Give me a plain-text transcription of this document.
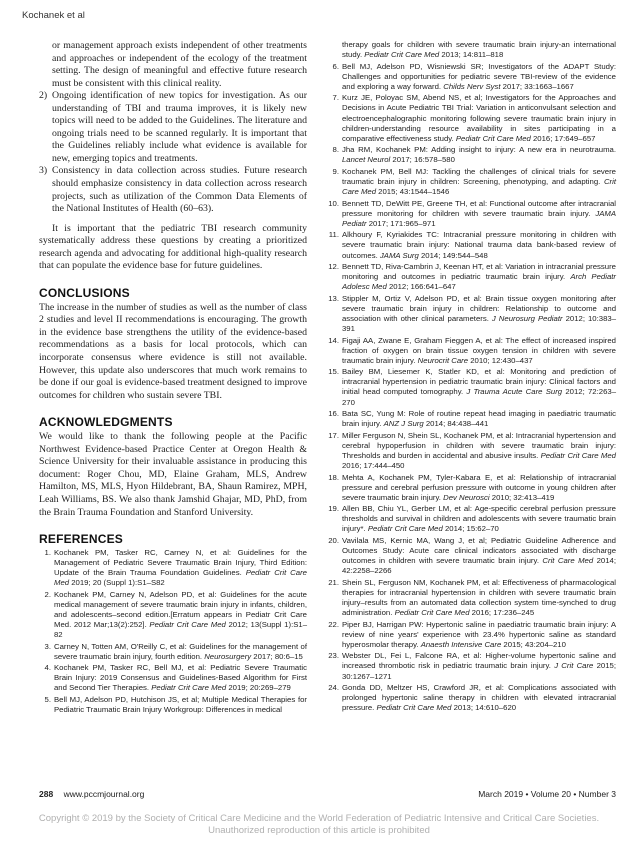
Kochanek et al

or management approach exists independent of other treatments and approaches or independent of the ecology of the treatment setting. The design of meaningful and effective future research must be consistent with this clinical reality.

2) Ongoing identification of new topics for investigation. As our understanding of TBI and trauma improves, it is likely new topics will need to be added to the Guidelines. The literature and ongoing trials need to be scanned regularly. It is important that the Guidelines reliably include what evidence is available for new, emerging topics and treatments.
3) Consistency in data collection across studies. Future research should emphasize consistency in data collection across research projects, such as utilization of the Common Data Elements of the National Institutes of Health (60–63).

It is important that the pediatric TBI research community systematically address these questions by creating a prioritized research agenda and advocating for additional high-quality research that can populate the evidence base for future guidelines.

CONCLUSIONS

The increase in the number of studies as well as the number of class 2 studies and level II recommendations is encouraging. The growth in the evidence base strengthens the utility of the evidence-based recommendations as a basis for local protocols, which can incorporate consensus where evidence is still not available. However, this update also underscores that much work remains to be done if our goal is evidence-based treatment designed to improve outcomes for children who sustain severe TBI.

ACKNOWLEDGMENTS

We would like to thank the following people at the Pacific Northwest Evidence-based Practice Center at Oregon Health & Science University for their invaluable assistance in producing this document: Roger Chou, MD, Elaine Graham, MLS, Andrew Hamilton, MS, MLS, Hyon Hildebrant, BA, Shaun Ramirez, MPH, Leah Williams, BS. We also thank Jamshid Ghajar, MD, PhD, from the Brain Trauma Foundation and Stanford University.

REFERENCES
1. Kochanek PM, Tasker RC, Carney N, et al: Guidelines for the Management of Pediatric Severe Traumatic Brain Injury, Third Edition: Update of the Brain Trauma Foundation Guidelines. Pediatr Crit Care Med 2019; 20 (Suppl 1):S1–S82
2. Kochanek PM, Carney N, Adelson PD, et al: Guidelines for the acute medical management of severe traumatic brain injury in infants, children, and adolescents–second edition.[Erratum appears in Pediatr Crit Care Med. 2012 Mar;13(2):252]. Pediatr Crit Care Med 2012; 13(Suppl 1):S1–82
3. Carney N, Totten AM, O'Reilly C, et al: Guidelines for the management of severe traumatic brain injury, fourth edition. Neurosurgery 2017; 80:6–15
4. Kochanek PM, Tasker RC, Bell MJ, et al: Pediatric Severe Traumatic Brain Injury: 2019 Consensus and Guidelines-Based Algorithm for First and Second Tier Therapies. Pediatr Crit Care Med 2019; 20:269–279
5. Bell MJ, Adelson PD, Hutchison JS, et al; Multiple Medical Therapies for Pediatric Traumatic Brain Injury Workgroup: Differences in medical
therapy goals for children with severe traumatic brain injury-an international study. Pediatr Crit Care Med 2013; 14:811–818
6. Bell MJ, Adelson PD, Wisniewski SR; Investigators of the ADAPT Study: Challenges and opportunities for pediatric severe TBI-review of the evidence and exploring a way forward. Childs Nerv Syst 2017; 33:1663–1667
7. Kurz JE, Poloyac SM, Abend NS, et al; Investigators for the Approaches and Decisions in Acute Pediatric TBI Trial: Variation in anticonvulsant selection and electroencephalographic monitoring following severe traumatic brain injury in children-understanding resource availability in sites participating in a comparative effectiveness study. Pediatr Crit Care Med 2016; 17:649–657
8. Jha RM, Kochanek PM: Adding insight to injury: A new era in neurotrauma. Lancet Neurol 2017; 16:578–580
9. Kochanek PM, Bell MJ: Tackling the challenges of clinical trials for severe traumatic brain injury in children: Screening, phenotyping, and adapting. Crit Care Med 2015; 43:1544–1546
10. Bennett TD, DeWitt PE, Greene TH, et al: Functional outcome after intracranial pressure monitoring for children with severe traumatic brain injury. JAMA Pediatr 2017; 171:965–971
11. Alkhoury F, Kyriakides TC: Intracranial pressure monitoring in children with severe traumatic brain injury: National trauma data bank-based review of outcomes. JAMA Surg 2014; 149:544–548
12. Bennett TD, Riva-Cambrin J, Keenan HT, et al: Variation in intracranial pressure monitoring and outcomes in pediatric traumatic brain injury. Arch Pediatr Adolesc Med 2012; 166:641–647
13. Stippler M, Ortiz V, Adelson PD, et al: Brain tissue oxygen monitoring after severe traumatic brain injury in children: Relationship to outcome and association with other clinical parameters. J Neurosurg Pediatr 2012; 10:383–391
14. Figaji AA, Zwane E, Graham Fieggen A, et al: The effect of increased inspired fraction of oxygen on brain tissue oxygen tension in children with severe traumatic brain injury. Neurocrit Care 2010; 12:430–437
15. Bailey BM, Liesemer K, Statler KD, et al: Monitoring and prediction of intracranial hypertension in pediatric traumatic brain injury: Clinical factors and initial head computed tomography. J Trauma Acute Care Surg 2012; 72:263–270
16. Bata SC, Yung M: Role of routine repeat head imaging in paediatric traumatic brain injury. ANZ J Surg 2014; 84:438–441
17. Miller Ferguson N, Shein SL, Kochanek PM, et al: Intracranial hypertension and cerebral hypoperfusion in children with severe traumatic brain injury: Thresholds and burden in accidental and abusive insults. Pediatr Crit Care Med 2016; 17:444–450
18. Mehta A, Kochanek PM, Tyler-Kabara E, et al: Relationship of intracranial pressure and cerebral perfusion pressure with outcome in young children after severe traumatic brain injury. Dev Neurosci 2010; 32:413–419
19. Allen BB, Chiu YL, Gerber LM, et al: Age-specific cerebral perfusion pressure thresholds and survival in children and adolescents with severe traumatic brain injury*. Pediatr Crit Care Med 2014; 15:62–70
20. Vavilala MS, Kernic MA, Wang J, et al; Pediatric Guideline Adherence and Outcomes Study: Acute care clinical indicators associated with discharge outcomes in children with severe traumatic brain injury. Crit Care Med 2014; 42:2258–2266
21. Shein SL, Ferguson NM, Kochanek PM, et al: Effectiveness of pharmacological therapies for intracranial hypertension in children with severe traumatic brain injury–results from an automated data collection system time-synched to drug administration. Pediatr Crit Care Med 2016; 17:236–245
22. Piper BJ, Harrigan PW: Hypertonic saline in paediatric traumatic brain injury: A review of nine years' experience with 23.4% hypertonic saline as standard hyperosmolar therapy. Anaesth Intensive Care 2015; 43:204–210
23. Webster DL, Fei L, Falcone RA, et al: Higher-volume hypertonic saline and increased thrombotic risk in pediatric traumatic brain injury. J Crit Care 2015; 30:1267–1271
24. Gonda DD, Meltzer HS, Crawford JR, et al: Complications associated with prolonged hypertonic saline therapy in children with elevated intracranial pressure. Pediatr Crit Care Med 2013; 14:610–620
288 www.pccmjournal.org	March 2019 • Volume 20 • Number 3
Copyright © 2019 by the Society of Critical Care Medicine and the World Federation of Pediatric Intensive and Critical Care Societies.
Unauthorized reproduction of this article is prohibited
